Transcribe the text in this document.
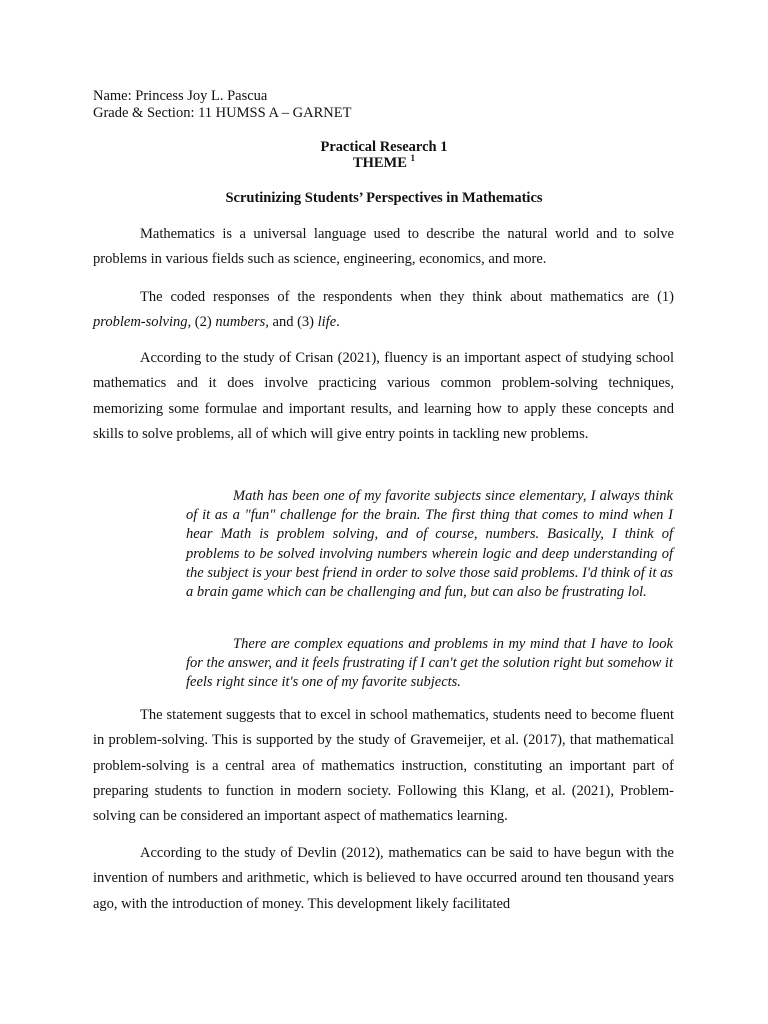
Name: Princess Joy L. Pascua
Grade & Section: 11 HUMSS A – GARNET
Practical Research 1
THEME $^1$
Scrutinizing Students’ Perspectives in Mathematics

Mathematics is a universal language used to describe the natural world and to solve problems in various fields such as science, engineering, economics, and more.

The coded responses of the respondents when they think about mathematics are (1) problem-solving, (2) numbers, and (3) life.

According to the study of Crisan (2021), fluency is an important aspect of studying school mathematics and it does involve practicing various common problem-solving techniques, memorizing some formulae and important results, and learning how to apply these concepts and skills to solve problems, all of which will give entry points in tackling new problems.

Math has been one of my favorite subjects since elementary, I always think of it as a "fun" challenge for the brain. The first thing that comes to mind when I hear Math is problem solving, and of course, numbers. Basically, I think of problems to be solved involving numbers wherein logic and deep understanding of the subject is your best friend in order to solve those said problems. I'd think of it as a brain game which can be challenging and fun, but can also be frustrating lol.

There are complex equations and problems in my mind that I have to look for the answer, and it feels frustrating if I can't get the solution right but somehow it feels right since it's one of my favorite subjects.

The statement suggests that to excel in school mathematics, students need to become fluent in problem-solving. This is supported by the study of Gravemeijer, et al. (2017), that mathematical problem-solving is a central area of mathematics instruction, constituting an important part of preparing students to function in modern society. Following this Klang, et al. (2021), Problem-solving can be considered an important aspect of mathematics learning.

According to the study of Devlin (2012), mathematics can be said to have begun with the invention of numbers and arithmetic, which is believed to have occurred around ten thousand years ago, with the introduction of money. This development likely facilitated
